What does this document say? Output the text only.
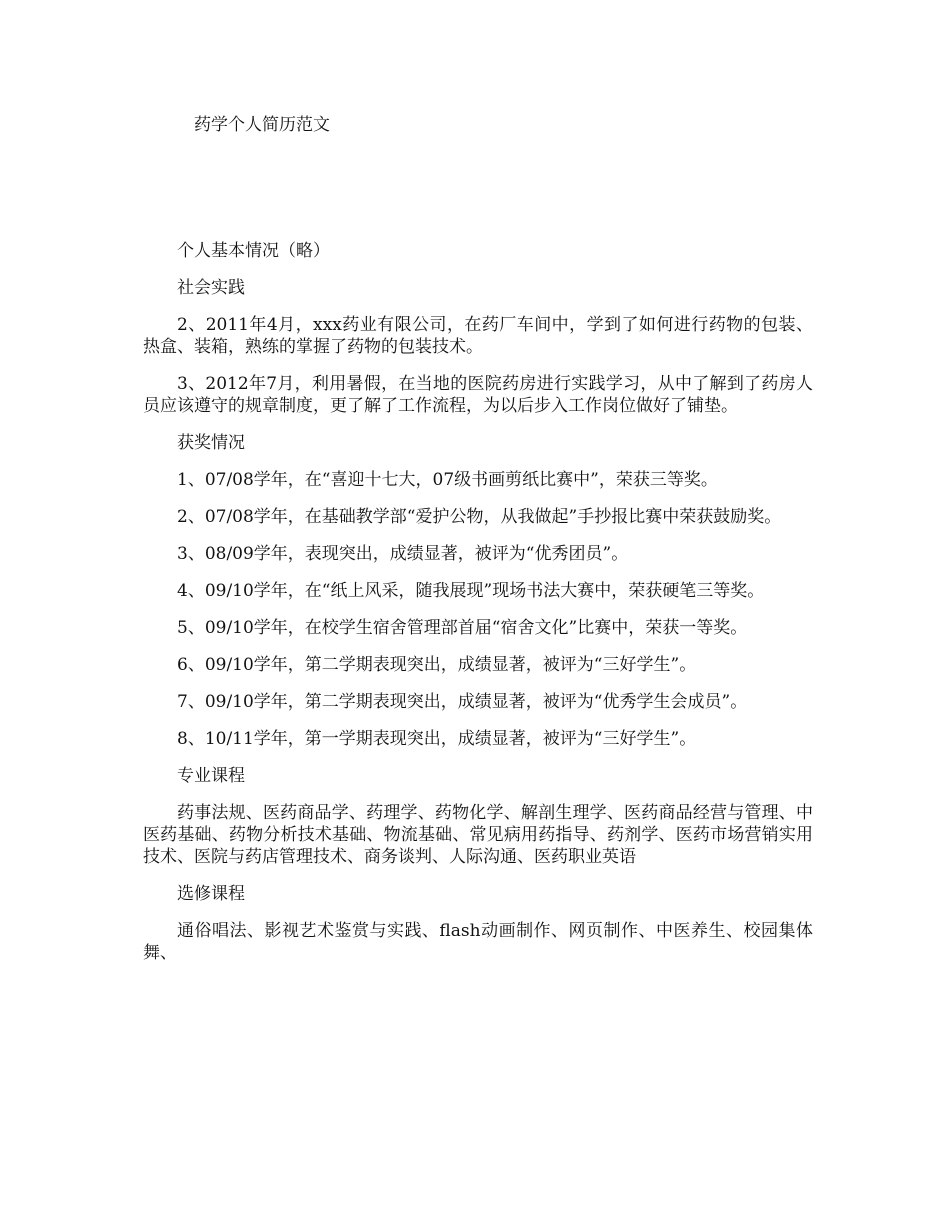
药学个人简历范文

个人基本情况（略）

社会实践

2、2011年4月，xxx药业有限公司，在药厂车间中，学到了如何进行药物的包装、热盒、装箱，熟练的掌握了药物的包装技术。

3、2012年7月，利用暑假，在当地的医院药房进行实践学习，从中了解到了药房人员应该遵守的规章制度，更了解了工作流程，为以后步入工作岗位做好了铺垫。

获奖情况

1、07/08学年，在“喜迎十七大，07级书画剪纸比赛中”，荣获三等奖。

2、07/08学年，在基础教学部“爱护公物，从我做起”手抄报比赛中荣获鼓励奖。

3、08/09学年，表现突出，成绩显著，被评为“优秀团员”。

4、09/10学年，在“纸上风采，随我展现”现场书法大赛中，荣获硬笔三等奖。

5、09/10学年，在校学生宿舍管理部首届“宿舍文化”比赛中，荣获一等奖。

6、09/10学年，第二学期表现突出，成绩显著，被评为“三好学生”。

7、09/10学年，第二学期表现突出，成绩显著，被评为“优秀学生会成员”。

8、10/11学年，第一学期表现突出，成绩显著，被评为“三好学生”。

专业课程

药事法规、医药商品学、药理学、药物化学、解剖生理学、医药商品经营与管理、中医药基础、药物分析技术基础、物流基础、常见病用药指导、药剂学、医药市场营销实用技术、医院与药店管理技术、商务谈判、人际沟通、医药职业英语

选修课程

通俗唱法、影视艺术鉴赏与实践、flash动画制作、网页制作、中医养生、校园集体舞、
